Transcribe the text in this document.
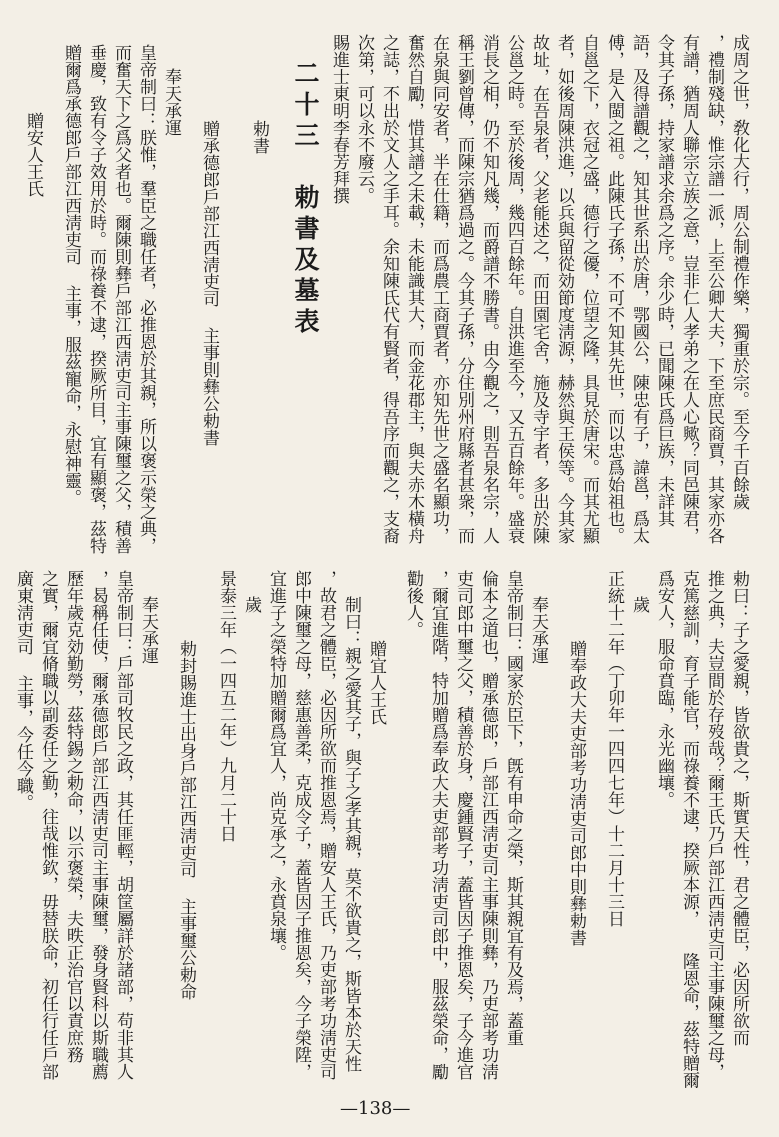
成周之世，敎化大行，周公制禮作樂，獨重於宗。至今千百餘歲
，禮制殘缺，惟宗譜一派，上至公卿大夫，下至庶民商賈，其家亦各
有譜，猶周人聯宗立族之意，豈非仁人孝弟之在人心歟？同邑陳君，
令其子孫，持家譜求余爲之序。余少時，已聞陳氏爲巨族，未詳其
語，及得譜觀之，知其世系出於唐，鄂國公，陳忠有子，諱邕，爲太
傅，是入閩之祖。此陳氏子孫，不可不知其先世，而以忠爲始祖也。
自邕之下，衣冠之盛，德行之優，位望之隆，具見於唐宋。而其尤顯
者，如後周陳洪進，以兵與留從効節度淸源，赫然與王侯等。今其家
故址，在吾泉者，父老能述之，而田園宅舍，施及寺宇者，多出於陳
公邕之時。至於後周，幾四百餘年。自洪進至今，又五百餘年。盛衰
消長之相，仍不知凡幾，而爵譜不勝書。由今觀之，則吾泉名宗，人
稱王劉曾傳，而陳宗猶爲過之。今其子孫，分住別州府縣者甚衆，而
在泉與同安者，半在仕籍，而爲農工商賈者，亦知先世之盛名顯功，
奮然自勵，惜其譜之未載，未能識其大，而金花郡主，與夫赤木橫舟
之誌，不出於文人之手耳。余知陳氏代有賢者，得吾序而觀之，支裔
次第，可以永不廢云。
賜進士東明李春芳拜撰
勅書
贈承德郎戶部江西淸吏司 主事則彝公勅書
奉天承運
皇帝制曰：朕惟，羣臣之職任者，必推恩於其親，所以褒示榮之典，
而奮天下之爲父者也。爾陳則彝戶部江西淸吏司主事陳璽之父，積善
垂慶，致有令子效用於時。而祿養不逮，揆厥所目，宜有顯褒，茲特
贈爾爲承德郎戶部江西淸吏司 主事，服茲寵命，永慰神靈。
贈安人王氏	二十三　勅書及墓表
勅曰：子之愛親，皆欲貴之，斯實天性，君之體臣，必因所欲而
推之典，夫豈間於存歿哉？爾王氏乃戶部江西淸吏司主事陳璽之母，
克篤慈訓，育子能官，而祿養不逮，揆厥本源，　　隆恩命，茲特贈爾
爲安人，服命賁臨，永光幽壤。
歲
正統十二年（丁卯年一四四七年）十二月十三日
贈奉政大夫吏部考功淸吏司郎中則彝勅書
奉天承運
皇帝制曰：國家於臣下，旣有申命之榮，斯其親宜有及焉，蓋重
倫本之道也，贈承德郎，戶部江西淸吏司主事陳則彝，乃吏部考功淸
吏司郎中璽之父，積善於身，慶鍾賢子，蓋皆因子推恩矣，子今進官
，爾宜進階，特加贈爲奉政大夫吏部考功淸吏司郎中，服茲榮命，勵
勸後人。
贈宜人王氏
制曰：親之愛其子，與子之孝其親，莫不欲貴之，斯皆本於天性
，故君之體臣，必因所欲而推恩焉，贈安人王氏，乃吏部考功淸吏司
郎中陳璽之母，慈惠善柔，克成令子，蓋皆因子推恩矣，今子榮陞，
宜進子之榮特加贈爾爲宜人，尚克承之，永賁泉壤。
歲
景泰三年（一四五二年）九月二十日
勅封賜進士出身戶部江西淸吏司 主事璽公勅命
奉天承運
皇帝制曰：戶部司牧民之政，其任匪輕，胡筐屬詳於諸部，苟非其人
，曷稱任使，爾承德郎戶部江西淸吏司主事陳璽，發身賢科以斯職薦
歷年歲克効勤勞，茲特錫之勅命，以示褒榮，夫昳正治官以責庶務
之實，爾宜脩職以副委任之勤，往哉惟欽，毋替朕命，初任行任戶部
廣東淸吏司 主事，今任今職。
—138—
